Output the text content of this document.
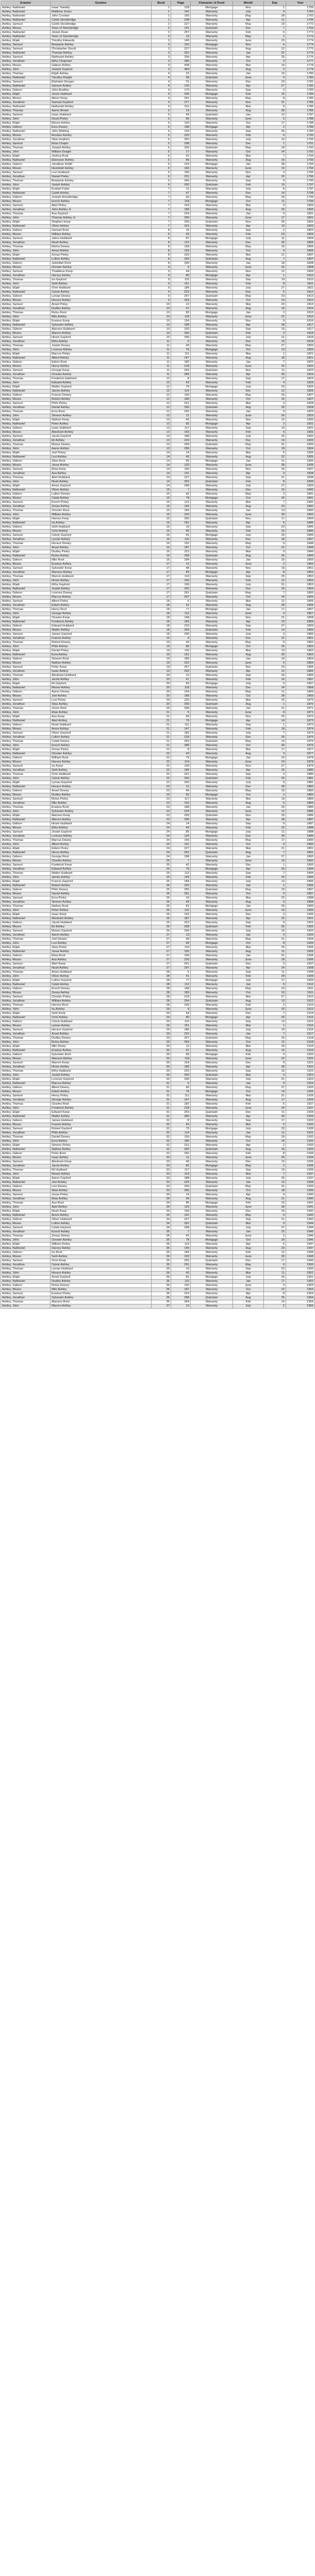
Grantor	Grantee	Book	Page	Character of Deed	Month	Day	Year
Ashley, Nathaniel	Isaac Tweddy	1	128	Mortgage	Nov	1	1756
Ashley, Nathaniel	Matthew Jones	1	142	Warranty	July	4	1760
Ashley, Nathaniel	John Crooker	1	165	Warranty	May	28	1763
Ashley, Nathaniel	Caleb Stockbridge	1	238	Warranty	Apr	11	1766
Ashley, Samuel	Caleb Stockbridge	2	227	Warranty	May	19	1772
Ashley, Moses	Town of Stockbridge	2	211	Quitclaim	Dec	7	1769
Ashley, Nathaniel	Josiah Dean	2	257	Warranty	Feb	6	1773
Ashley, Nathaniel	Town of Stockbridge	3	19	Warranty	May	1	1773
Ashley, Elijah	Timothy Edwards	3	140	Warranty	June	23	1774
Ashley, Samuel	Benjamin Ashley	3	163	Mortgage	Nov	4	1774
Ashley, Samuel	Christopher Gould	3	227	Warranty	Aug	12	1775
Ashley, Nathaniel	Thomas Ashley	3	331	Warranty	Jan	22	1776
Ashley, Samuel	Nathaniel Ashley	3	334	Warranty	Apr	25	1776
Ashley, Jonathan	Elihu Chapman	3	396	Warranty	Oct	3	1777
Ashley, Moses	Gideon Ashley	3	438	Warranty	Mar	14	1778
Ashley, John	Joseph Gaylord	3	469	Warranty	Aug	2	1779
Ashley, Thomas	Elijah Ashley	4	22	Warranty	Jan	19	1780
Ashley, Nathaniel	Timothy Dwight	4	58	Quitclaim	June	6	1780
Ashley, Samuel	Eliphalet Sturges	4	91	Warranty	Dec	10	1781
Ashley, Nathaniel	Samuel Ashley	4	133	Warranty	Apr	27	1782
Ashley, Gideon	John Bradley	4	170	Warranty	Sep	3	1783
Ashley, Elijah	Jesse Hubbard	4	206	Mortgage	Feb	15	1784
Ashley, Moses	Abner Keep	4	241	Warranty	May	8	1785
Ashley, Jonathan	Samuel Gaylord	4	277	Warranty	Nov	21	1785
Ashley, Nathaniel	Nathaniel Ashley	4	312	Warranty	Mar	9	1786
Ashley, Thomas	Aaron Brown	5	14	Warranty	Aug	30	1786
Ashley, Samuel	Isaac Hubbard	5	49	Quitclaim	Jan	12	1787
Ashley, John	David Pixley	5	86	Warranty	June	5	1788
Ashley, Elijah	Moses Ashley	5	120	Warranty	Oct	17	1788
Ashley, Gideon	Ezra Dewey	5	158	Mortgage	Apr	2	1789
Ashley, Nathaniel	John Whiting	5	193	Warranty	Sep	26	1789
Ashley, Moses	Reuben Ashley	5	229	Warranty	Feb	4	1790
Ashley, Jonathan	Silas Hopkins	5	262	Warranty	July	13	1790
Ashley, Samuel	Elias Chapin	5	298	Warranty	Dec	1	1791
Ashley, Thomas	Joseph Ashley	5	333	Quitclaim	May	18	1792
Ashley, John	William Dwight	6	17	Warranty	Oct	24	1792
Ashley, Elijah	Joshua Root	6	52	Warranty	Mar	7	1793
Ashley, Nathaniel	Ebenezer Ashley	6	89	Warranty	Aug	15	1793
Ashley, Gideon	Jonathan Smith	6	124	Mortgage	Jan	28	1794
Ashley, Moses	Hezekiah Ashley	6	160	Warranty	June	10	1794
Ashley, Samuel	Levi Hubbard	6	195	Warranty	Nov	3	1795
Ashley, Jonathan	Daniel Pixley	6	231	Warranty	Apr	22	1796
Ashley, Thomas	Benjamin Ashley	6	266	Warranty	Sep	9	1796
Ashley, John	Josiah Ashley	6	302	Quitclaim	Feb	19	1797
Ashley, Elijah	Ezekiel Fuller	7	11	Warranty	July	8	1797
Ashley, Nathaniel	Caleb Ashley	7	47	Warranty	Dec	14	1798
Ashley, Gideon	Joseph Woodbridge	7	82	Warranty	May	29	1799
Ashley, Moses	Enoch Ashley	7	118	Mortgage	Oct	11	1799
Ashley, Samuel	Abel Pixley	7	153	Warranty	Mar	3	1800
Ashley, Jonathan	John Ashley Jr.	7	189	Warranty	Aug	20	1800
Ashley, Thomas	Asa Gaylord	7	224	Warranty	Jan	6	1801
Ashley, John	Thomas Ashley Jr.	7	260	Warranty	June	17	1801
Ashley, Elijah	Stephen Keep	7	295	Quitclaim	Nov	26	1802
Ashley, Nathaniel	Oliver Ashley	7	331	Warranty	Apr	13	1803
Ashley, Gideon	Samuel Root	8	15	Warranty	Sep	2	1803
Ashley, Moses	William Ashley	8	50	Warranty	Feb	24	1804
Ashley, Samuel	Jabez Hubbard	8	87	Mortgage	July	11	1804
Ashley, Jonathan	Noah Ashley	8	122	Warranty	Dec	30	1805
Ashley, Thomas	Elisha Dewey	8	158	Warranty	May	16	1806
Ashley, John	Amos Ashley	8	193	Warranty	Oct	4	1806
Ashley, Elijah	Zenas Pixley	8	229	Warranty	Mar	21	1807
Ashley, Nathaniel	Luther Ashley	8	264	Quitclaim	Aug	7	1807
Ashley, Gideon	Jedediah Root	8	300	Warranty	Jan	18	1808
Ashley, Moses	Chester Ashley	9	9	Warranty	June	25	1808
Ashley, Samuel	Thaddeus Keep	9	44	Warranty	Nov	12	1809
Ashley, Jonathan	Harvey Ashley	9	80	Mortgage	Apr	1	1810
Ashley, Thomas	Ira Gaylord	9	115	Warranty	Sep	19	1810
Ashley, John	Seth Ashley	9	151	Warranty	Feb	8	1811
Ashley, Elijah	Orrin Hubbard	9	186	Warranty	July	27	1811
Ashley, Nathaniel	Calvin Ashley	9	222	Warranty	Dec	5	1812
Ashley, Gideon	Lyman Dewey	9	257	Quitclaim	May	23	1813
Ashley, Moses	Horace Ashley	9	293	Warranty	Oct	14	1813
Ashley, Samuel	Ansel Pixley	10	12	Warranty	Mar	29	1814
Ashley, Jonathan	Dudley Ashley	10	47	Warranty	Aug	16	1814
Ashley, Thomas	Rufus Root	10	83	Mortgage	Jan	3	1815
Ashley, John	Milo Ashley	10	118	Warranty	June	22	1815
Ashley, Elijah	Erastus Keep	10	154	Warranty	Nov	9	1816
Ashley, Nathaniel	Sylvester Ashley	10	189	Warranty	Apr	28	1817
Ashley, Gideon	Alanson Hubbard	10	225	Warranty	Sep	15	1817
Ashley, Moses	Warren Ashley	10	260	Quitclaim	Feb	2	1818
Ashley, Samuel	Hiram Gaylord	10	296	Warranty	July	21	1818
Ashley, Jonathan	Elihu Ashley	11	5	Warranty	Dec	10	1819
Ashley, Thomas	Josiah Dewey	11	40	Warranty	May	27	1820
Ashley, John	Lorenzo Ashley	11	76	Mortgage	Oct	13	1820
Ashley, Elijah	Marcus Pixley	11	111	Warranty	Mar	1	1821
Ashley, Nathaniel	Albert Ashley	11	147	Warranty	Aug	18	1821
Ashley, Gideon	Edwin Root	11	182	Warranty	Jan	7	1822
Ashley, Moses	Henry Ashley	11	218	Warranty	June	24	1822
Ashley, Samuel	George Keep	11	253	Quitclaim	Nov	11	1823
Ashley, Jonathan	Charles Ashley	11	289	Warranty	Apr	30	1824
Ashley, Thomas	Frederick Hubbard	12	8	Warranty	Sep	17	1824
Ashley, John	Edward Ashley	12	43	Warranty	Feb	4	1825
Ashley, Elijah	Walter Gaylord	12	79	Mortgage	July	23	1825
Ashley, Nathaniel	James Ashley	12	114	Warranty	Dec	12	1826
Ashley, Gideon	Francis Dewey	12	150	Warranty	May	29	1827
Ashley, Moses	Robert Ashley	12	185	Warranty	Oct	16	1827
Ashley, Samuel	Philo Pixley	12	221	Warranty	Mar	3	1828
Ashley, Jonathan	Daniel Ashley	12	256	Quitclaim	Aug	20	1828
Ashley, Thomas	Ezra Root	12	292	Warranty	Jan	9	1829
Ashley, John	Simeon Ashley	13	11	Warranty	June	26	1829
Ashley, Elijah	Nathan Keep	13	46	Warranty	Nov	13	1830
Ashley, Nathaniel	Peter Ashley	13	82	Mortgage	Apr	2	1831
Ashley, Gideon	Isaac Hubbard	13	117	Warranty	Sep	19	1831
Ashley, Moses	Abraham Ashley	13	153	Warranty	Feb	6	1832
Ashley, Samuel	Jacob Gaylord	13	188	Warranty	July	25	1832
Ashley, Jonathan	Eli Ashley	13	224	Warranty	Dec	14	1833
Ashley, Thomas	Moses Dewey	13	259	Quitclaim	May	31	1834
Ashley, John	Aaron Ashley	13	295	Warranty	Oct	18	1834
Ashley, Elijah	Joel Pixley	14	14	Warranty	Mar	5	1835
Ashley, Nathaniel	Levi Ashley	14	49	Warranty	Aug	22	1835
Ashley, Gideon	Silas Root	14	85	Mortgage	Jan	11	1836
Ashley, Moses	Jesse Ashley	14	120	Warranty	June	28	1836
Ashley, Samuel	Elias Keep	14	156	Warranty	Nov	15	1837
Ashley, Jonathan	Asa Ashley	14	191	Warranty	Apr	4	1838
Ashley, Thomas	Abel Hubbard	14	227	Warranty	Sep	21	1838
Ashley, John	Noah Ashley	14	262	Quitclaim	Feb	8	1839
Ashley, Elijah	Amos Gaylord	14	298	Warranty	July	27	1839
Ashley, Nathaniel	Oliver Ashley	15	7	Warranty	Dec	16	1840
Ashley, Gideon	Luther Dewey	15	42	Warranty	May	3	1841
Ashley, Moses	Caleb Ashley	15	78	Mortgage	Oct	20	1841
Ashley, Samuel	Enoch Pixley	15	113	Warranty	Mar	7	1842
Ashley, Jonathan	Zenas Ashley	15	149	Warranty	Aug	24	1842
Ashley, Thomas	Chester Root	15	184	Warranty	Jan	13	1843
Ashley, John	William Ashley	15	220	Warranty	June	30	1843
Ashley, Elijah	Harvey Keep	15	255	Quitclaim	Nov	17	1844
Ashley, Nathaniel	Ira Ashley	15	291	Warranty	Apr	6	1845
Ashley, Gideon	Seth Hubbard	16	10	Warranty	Sep	23	1845
Ashley, Moses	Orrin Ashley	16	45	Warranty	Feb	10	1846
Ashley, Samuel	Calvin Gaylord	16	81	Mortgage	July	29	1846
Ashley, Jonathan	Lyman Ashley	16	116	Warranty	Dec	18	1847
Ashley, Thomas	Horace Dewey	16	152	Warranty	May	5	1848
Ashley, John	Ansel Ashley	16	187	Warranty	Oct	22	1848
Ashley, Elijah	Dudley Pixley	16	223	Warranty	Mar	9	1849
Ashley, Nathaniel	Rufus Ashley	16	258	Quitclaim	Aug	26	1849
Ashley, Gideon	Milo Root	16	294	Warranty	Jan	15	1850
Ashley, Moses	Erastus Ashley	17	13	Warranty	June	2	1850
Ashley, Samuel	Sylvester Keep	17	48	Warranty	Nov	19	1851
Ashley, Jonathan	Alanson Ashley	17	84	Mortgage	Apr	8	1852
Ashley, Thomas	Warren Hubbard	17	119	Warranty	Sep	25	1852
Ashley, John	Hiram Ashley	17	155	Warranty	Feb	12	1853
Ashley, Elijah	Elihu Gaylord	17	190	Warranty	July	31	1853
Ashley, Nathaniel	Josiah Ashley	17	226	Warranty	Dec	20	1854
Ashley, Gideon	Lorenzo Dewey	17	261	Quitclaim	May	7	1855
Ashley, Moses	Marcus Ashley	17	297	Warranty	Oct	24	1855
Ashley, Samuel	Albert Pixley	18	6	Warranty	Mar	11	1856
Ashley, Jonathan	Edwin Ashley	18	41	Warranty	Aug	28	1856
Ashley, Thomas	Henry Root	18	77	Mortgage	Jan	17	1857
Ashley, John	George Ashley	18	112	Warranty	June	4	1857
Ashley, Elijah	Charles Keep	18	148	Warranty	Nov	21	1858
Ashley, Nathaniel	Frederick Ashley	18	183	Warranty	Apr	10	1859
Ashley, Gideon	Edward Hubbard	18	219	Warranty	Sep	27	1859
Ashley, Moses	Walter Ashley	18	254	Quitclaim	Feb	14	1860
Ashley, Samuel	James Gaylord	18	290	Warranty	July	3	1860
Ashley, Jonathan	Francis Ashley	19	9	Warranty	Dec	22	1861
Ashley, Thomas	Robert Dewey	19	44	Warranty	May	9	1862
Ashley, John	Philo Ashley	19	80	Mortgage	Oct	26	1862
Ashley, Elijah	Daniel Pixley	19	115	Warranty	Mar	13	1863
Ashley, Nathaniel	Ezra Ashley	19	151	Warranty	Aug	30	1863
Ashley, Gideon	Simeon Root	19	186	Warranty	Jan	19	1864
Ashley, Moses	Nathan Ashley	19	222	Warranty	June	6	1864
Ashley, Samuel	Peter Keep	19	257	Quitclaim	Nov	23	1865
Ashley, Jonathan	Isaac Ashley	19	293	Warranty	Apr	12	1866
Ashley, Thomas	Abraham Hubbard	20	12	Warranty	Sep	29	1866
Ashley, John	Jacob Ashley	20	47	Warranty	Feb	16	1867
Ashley, Elijah	Eli Gaylord	20	83	Mortgage	July	5	1867
Ashley, Nathaniel	Moses Ashley	20	118	Warranty	Dec	24	1868
Ashley, Gideon	Aaron Dewey	20	154	Warranty	May	11	1869
Ashley, Moses	Joel Ashley	20	189	Warranty	Oct	28	1869
Ashley, Samuel	Levi Pixley	20	225	Warranty	Mar	15	1870
Ashley, Jonathan	Silas Ashley	20	260	Quitclaim	Aug	1	1870
Ashley, Thomas	Jesse Root	20	296	Warranty	Jan	21	1871
Ashley, John	Elias Ashley	21	5	Warranty	June	8	1871
Ashley, Elijah	Asa Keep	21	40	Warranty	Nov	25	1872
Ashley, Nathaniel	Abel Ashley	21	76	Mortgage	Apr	14	1873
Ashley, Gideon	Noah Hubbard	21	111	Warranty	Sep	1	1873
Ashley, Moses	Amos Ashley	21	147	Warranty	Feb	18	1874
Ashley, Samuel	Oliver Gaylord	21	182	Warranty	July	7	1874
Ashley, Jonathan	Luther Ashley	21	218	Warranty	Dec	26	1875
Ashley, Thomas	Caleb Dewey	21	253	Quitclaim	May	13	1876
Ashley, John	Enoch Ashley	21	289	Warranty	Oct	30	1876
Ashley, Elijah	Zenas Pixley	22	8	Warranty	Mar	17	1877
Ashley, Nathaniel	Chester Ashley	22	43	Warranty	Aug	3	1877
Ashley, Gideon	William Root	22	79	Mortgage	Jan	23	1878
Ashley, Moses	Harvey Ashley	22	114	Warranty	June	10	1878
Ashley, Samuel	Ira Keep	22	150	Warranty	Nov	27	1879
Ashley, Jonathan	Seth Ashley	22	185	Warranty	Apr	16	1880
Ashley, Thomas	Orrin Hubbard	22	221	Warranty	Sep	3	1880
Ashley, John	Calvin Ashley	22	256	Quitclaim	Feb	20	1881
Ashley, Elijah	Lyman Gaylord	22	292	Warranty	July	9	1881
Ashley, Nathaniel	Horace Ashley	23	11	Warranty	Dec	28	1882
Ashley, Gideon	Ansel Dewey	23	46	Warranty	May	15	1883
Ashley, Moses	Dudley Ashley	23	82	Mortgage	Oct	2	1883
Ashley, Samuel	Rufus Pixley	23	117	Warranty	Mar	19	1884
Ashley, Jonathan	Milo Ashley	23	153	Warranty	Aug	5	1884
Ashley, Thomas	Erastus Root	23	188	Warranty	Jan	25	1885
Ashley, John	Sylvester Ashley	23	224	Warranty	June	12	1885
Ashley, Elijah	Alanson Keep	23	259	Quitclaim	Nov	29	1886
Ashley, Nathaniel	Warren Ashley	23	295	Warranty	Apr	18	1887
Ashley, Gideon	Hiram Hubbard	24	14	Warranty	Sep	5	1887
Ashley, Moses	Elihu Ashley	24	49	Warranty	Feb	22	1888
Ashley, Samuel	Josiah Gaylord	24	85	Mortgage	July	11	1888
Ashley, Jonathan	Lorenzo Ashley	24	120	Warranty	Dec	30	1889
Ashley, Thomas	Marcus Dewey	24	156	Warranty	May	17	1890
Ashley, John	Albert Ashley	24	191	Warranty	Oct	4	1890
Ashley, Elijah	Edwin Pixley	24	227	Warranty	Mar	21	1891
Ashley, Nathaniel	Henry Ashley	24	262	Quitclaim	Aug	7	1891
Ashley, Gideon	George Root	24	298	Warranty	Jan	27	1892
Ashley, Moses	Charles Ashley	25	7	Warranty	June	14	1892
Ashley, Samuel	Frederick Keep	25	42	Warranty	Dec	1	1893
Ashley, Jonathan	Edward Ashley	25	78	Mortgage	Apr	20	1894
Ashley, Thomas	Walter Hubbard	25	113	Warranty	Sep	7	1894
Ashley, John	James Ashley	25	149	Warranty	Feb	24	1895
Ashley, Elijah	Francis Gaylord	25	184	Warranty	July	13	1895
Ashley, Nathaniel	Robert Ashley	25	220	Warranty	Jan	1	1896
Ashley, Gideon	Philo Dewey	25	255	Quitclaim	May	19	1897
Ashley, Moses	Daniel Ashley	25	291	Warranty	Oct	6	1897
Ashley, Samuel	Ezra Pixley	26	10	Warranty	Mar	23	1898
Ashley, Jonathan	Simeon Ashley	26	45	Warranty	Aug	9	1898
Ashley, Thomas	Nathan Root	26	81	Mortgage	Jan	29	1899
Ashley, John	Peter Ashley	26	116	Warranty	June	16	1899
Ashley, Elijah	Isaac Keep	26	152	Warranty	Dec	3	1900
Ashley, Nathaniel	Abraham Ashley	26	187	Warranty	Apr	22	1901
Ashley, Gideon	Jacob Hubbard	26	223	Warranty	Sep	9	1901
Ashley, Moses	Eli Ashley	26	258	Quitclaim	Feb	26	1902
Ashley, Samuel	Moses Gaylord	26	294	Warranty	July	15	1902
Ashley, Jonathan	Aaron Ashley	27	13	Warranty	Jan	3	1903
Ashley, Thomas	Joel Dewey	27	48	Warranty	May	21	1904
Ashley, John	Levi Ashley	27	84	Mortgage	Oct	8	1904
Ashley, Elijah	Silas Pixley	27	119	Warranty	Mar	25	1905
Ashley, Nathaniel	Jesse Ashley	27	155	Warranty	Aug	11	1905
Ashley, Gideon	Elias Root	27	190	Warranty	Jan	31	1906
Ashley, Moses	Asa Ashley	27	226	Warranty	June	18	1906
Ashley, Samuel	Abel Keep	27	261	Quitclaim	Dec	5	1907
Ashley, Jonathan	Noah Ashley	27	297	Warranty	Apr	24	1908
Ashley, Thomas	Amos Hubbard	28	6	Warranty	Sep	11	1908
Ashley, John	Oliver Ashley	28	41	Warranty	Feb	28	1909
Ashley, Elijah	Luther Gaylord	28	77	Mortgage	July	17	1909
Ashley, Nathaniel	Caleb Ashley	28	112	Warranty	Jan	5	1910
Ashley, Gideon	Enoch Dewey	28	148	Warranty	May	23	1911
Ashley, Moses	Zenas Ashley	28	183	Warranty	Oct	10	1911
Ashley, Samuel	Chester Pixley	28	219	Warranty	Mar	27	1912
Ashley, Jonathan	William Ashley	28	254	Quitclaim	Aug	13	1912
Ashley, Thomas	Harvey Root	28	290	Warranty	Feb	2	1913
Ashley, John	Ira Ashley	29	9	Warranty	June	20	1913
Ashley, Elijah	Seth Keep	29	44	Warranty	Dec	7	1914
Ashley, Nathaniel	Orrin Ashley	29	80	Mortgage	Apr	26	1915
Ashley, Gideon	Calvin Hubbard	29	115	Warranty	Sep	13	1915
Ashley, Moses	Lyman Ashley	29	151	Warranty	Mar	1	1916
Ashley, Samuel	Horace Gaylord	29	186	Warranty	July	19	1916
Ashley, Jonathan	Ansel Ashley	29	222	Warranty	Jan	7	1917
Ashley, Thomas	Dudley Dewey	29	257	Quitclaim	May	25	1918
Ashley, John	Rufus Ashley	29	293	Warranty	Oct	12	1918
Ashley, Elijah	Milo Pixley	30	12	Warranty	Mar	29	1919
Ashley, Nathaniel	Erastus Ashley	30	47	Warranty	Aug	15	1919
Ashley, Gideon	Sylvester Root	30	83	Mortgage	Feb	4	1920
Ashley, Moses	Alanson Ashley	30	118	Warranty	June	22	1920
Ashley, Samuel	Warren Keep	30	154	Warranty	Dec	9	1921
Ashley, Jonathan	Hiram Ashley	30	189	Warranty	Apr	28	1922
Ashley, Thomas	Elihu Hubbard	30	225	Warranty	Sep	15	1922
Ashley, John	Josiah Ashley	30	260	Quitclaim	Mar	3	1923
Ashley, Elijah	Lorenzo Gaylord	30	296	Warranty	July	21	1923
Ashley, Nathaniel	Marcus Ashley	31	5	Warranty	Jan	9	1924
Ashley, Gideon	Albert Dewey	31	40	Warranty	May	27	1925
Ashley, Moses	Edwin Ashley	31	76	Mortgage	Oct	14	1925
Ashley, Samuel	Henry Pixley	31	111	Warranty	Mar	31	1926
Ashley, Jonathan	George Ashley	31	147	Warranty	Aug	17	1926
Ashley, Thomas	Charles Root	31	182	Warranty	Feb	6	1927
Ashley, John	Frederick Ashley	31	218	Warranty	June	24	1927
Ashley, Elijah	Edward Keep	31	253	Quitclaim	Dec	11	1928
Ashley, Nathaniel	Walter Ashley	31	289	Warranty	Apr	30	1929
Ashley, Gideon	James Hubbard	32	8	Warranty	Sep	17	1929
Ashley, Moses	Francis Ashley	32	43	Warranty	Mar	5	1930
Ashley, Samuel	Robert Gaylord	32	79	Mortgage	July	23	1930
Ashley, Jonathan	Philo Ashley	32	114	Warranty	Jan	11	1931
Ashley, Thomas	Daniel Dewey	32	150	Warranty	May	29	1932
Ashley, John	Ezra Ashley	32	185	Warranty	Oct	16	1932
Ashley, Elijah	Simeon Pixley	32	221	Warranty	Apr	2	1933
Ashley, Nathaniel	Nathan Ashley	32	256	Quitclaim	Aug	19	1933
Ashley, Gideon	Peter Root	32	292	Warranty	Feb	8	1934
Ashley, Moses	Isaac Ashley	33	11	Warranty	June	26	1934
Ashley, Samuel	Abraham Keep	33	46	Warranty	Dec	13	1935
Ashley, Jonathan	Jacob Ashley	33	82	Mortgage	May	2	1936
Ashley, Thomas	Eli Hubbard	33	117	Warranty	Sep	19	1936
Ashley, John	Moses Ashley	33	153	Warranty	Mar	7	1937
Ashley, Elijah	Aaron Gaylord	33	188	Warranty	July	25	1937
Ashley, Nathaniel	Joel Ashley	33	224	Warranty	Jan	13	1938
Ashley, Gideon	Levi Dewey	33	259	Quitclaim	May	31	1939
Ashley, Moses	Silas Ashley	33	295	Warranty	Oct	18	1939
Ashley, Samuel	Jesse Pixley	34	14	Warranty	Apr	4	1940
Ashley, Jonathan	Elias Ashley	34	49	Warranty	Aug	21	1940
Ashley, Thomas	Asa Root	34	85	Mortgage	Feb	10	1941
Ashley, John	Abel Ashley	34	120	Warranty	June	28	1941
Ashley, Elijah	Noah Keep	34	156	Warranty	Dec	15	1942
Ashley, Nathaniel	Amos Ashley	34	191	Warranty	May	4	1943
Ashley, Gideon	Oliver Hubbard	34	227	Warranty	Sep	21	1943
Ashley, Moses	Luther Ashley	34	262	Quitclaim	Mar	9	1944
Ashley, Samuel	Caleb Gaylord	34	298	Warranty	July	27	1944
Ashley, Jonathan	Enoch Ashley	35	7	Warranty	Jan	15	1945
Ashley, Thomas	Zenas Dewey	35	42	Warranty	June	2	1946
Ashley, John	Chester Ashley	35	78	Mortgage	Oct	20	1946
Ashley, Elijah	William Pixley	35	113	Warranty	Apr	6	1947
Ashley, Nathaniel	Harvey Ashley	35	149	Warranty	Aug	23	1947
Ashley, Gideon	Ira Root	35	184	Warranty	Feb	12	1948
Ashley, Moses	Seth Ashley	35	220	Warranty	June	30	1948
Ashley, Samuel	Orrin Keep	35	255	Quitclaim	Dec	17	1949
Ashley, Jonathan	Calvin Ashley	35	291	Warranty	May	6	1950
Ashley, Thomas	Lyman Hubbard	36	10	Warranty	Sep	23	1950
Ashley, John	Horace Ashley	36	45	Warranty	Mar	11	1951
Ashley, Elijah	Ansel Gaylord	36	81	Mortgage	July	29	1951
Ashley, Nathaniel	Dudley Ashley	36	116	Warranty	Jan	17	1952
Ashley, Gideon	Rufus Dewey	36	152	Warranty	June	4	1953
Ashley, Moses	Milo Ashley	36	187	Warranty	Oct	22	1953
Ashley, Samuel	Erastus Pixley	36	223	Warranty	Apr	8	1954
Ashley, Jonathan	Sylvester Ashley	36	258	Quitclaim	Aug	25	1954
Ashley, Thomas	Alanson Root	36	294	Warranty	Feb	14	1955
Ashley, John	Warren Ashley	37	13	Warranty	July	2	1955
